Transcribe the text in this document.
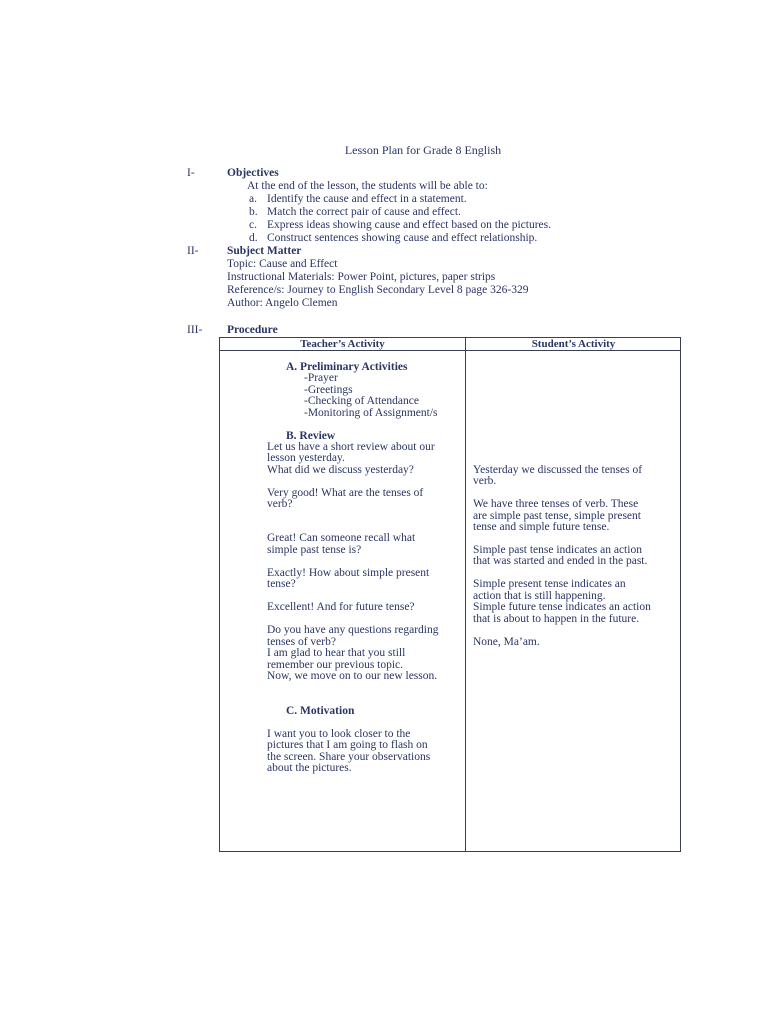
Lesson Plan for Grade 8 English
I-	Objectives
At the end of the lesson, the students will be able to:
a. Identify the cause and effect in a statement.
b. Match the correct pair of cause and effect.
c. Express ideas showing cause and effect based on the pictures.
d. Construct sentences showing cause and effect relationship.
II- Subject Matter
Topic: Cause and Effect
Instructional Materials: Power Point, pictures, paper strips
Reference/s: Journey to English Secondary Level 8 page 326-329
Author: Angelo Clemen
III- Procedure
Teacher’s Activity	Student’s Activity
A. Preliminary Activities
-Prayer
-Greetings
-Checking of Attendance
-Monitoring of Assignment/s
B. Review
Let us have a short review about our
lesson yesterday.
What did we discuss yesterday?
Very good! What are the tenses of
verb?
Great! Can someone recall what
simple past tense is?
Exactly! How about simple present
tense?
Excellent! And for future tense?
Do you have any questions regarding
tenses of verb?
I am glad to hear that you still
remember our previous topic.
Now, we move on to our new lesson.
Yesterday we discussed the tenses of
verb.
We have three tenses of verb. These
are simple past tense, simple present
tense and simple future tense.
Simple past tense indicates an action
that was started and ended in the past.
Simple present tense indicates an
action that is still happening.
Simple future tense indicates an action
that is about to happen in the future.
None, Ma’am.
C. Motivation
I want you to look closer to the
pictures that I am going to flash on
the screen. Share your observations
about the pictures.
